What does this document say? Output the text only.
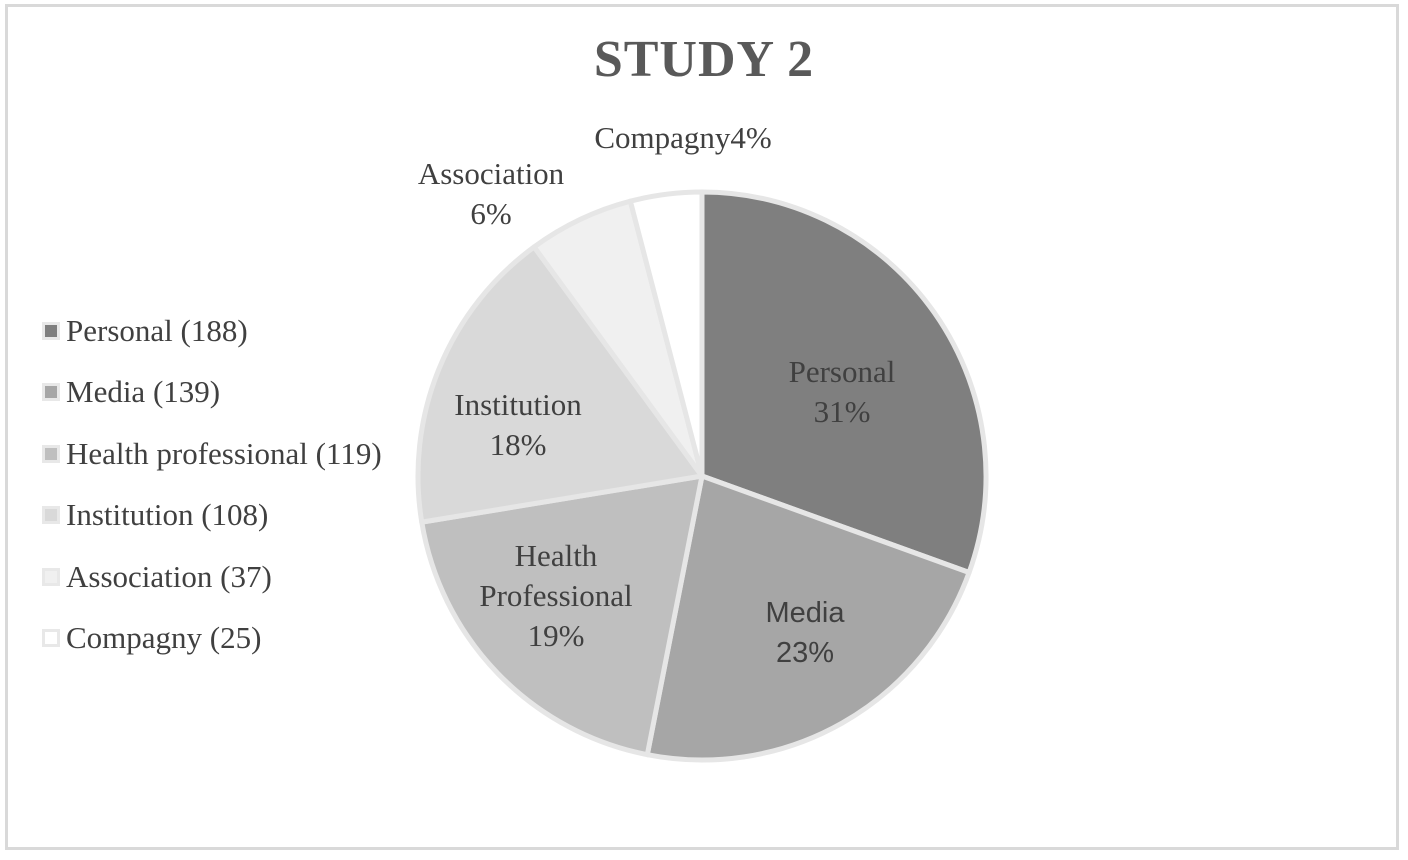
STUDY 2
Personal (188)
Media (139)
Health professional (119)
Institution (108)
Association (37)
Compagny (25)
Personal 31%
Media 23%
Health Professional 19%
Institution 18%
Association 6%
Compagny4%
